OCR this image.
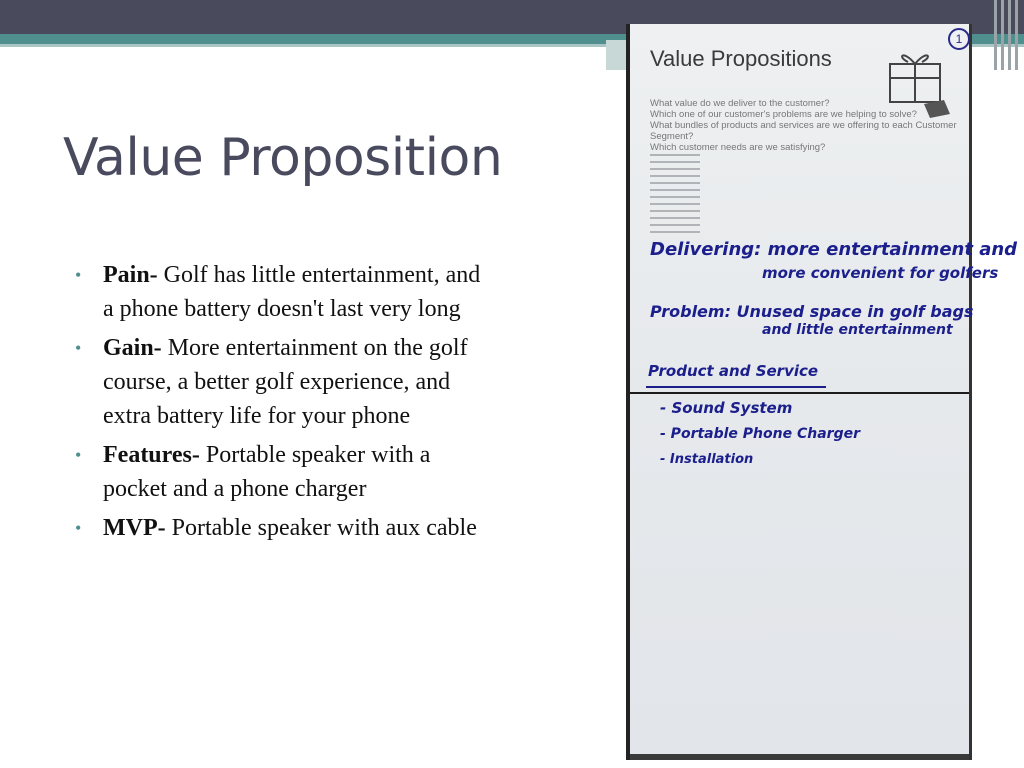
Value Proposition
• Pain- Golf has little entertainment, and a phone battery doesn't last very long
• Gain- More entertainment on the golf course, a better golf experience, and extra battery life for your phone
• Features- Portable speaker with a pocket and a phone charger
• MVP- Portable speaker with aux cable
Value Propositions
1
What value do we deliver to the customer?
Which one of our customer's problems are we helping to solve?
What bundles of products and services are we offering to each Customer Segment?
Which customer needs are we satisfying?
Delivering: more entertainment and
more convenient for golfers
Problem: Unused space in golf bags
and little entertainment
Product and Service
- Sound System
- Portable Phone Charger
- Installation
